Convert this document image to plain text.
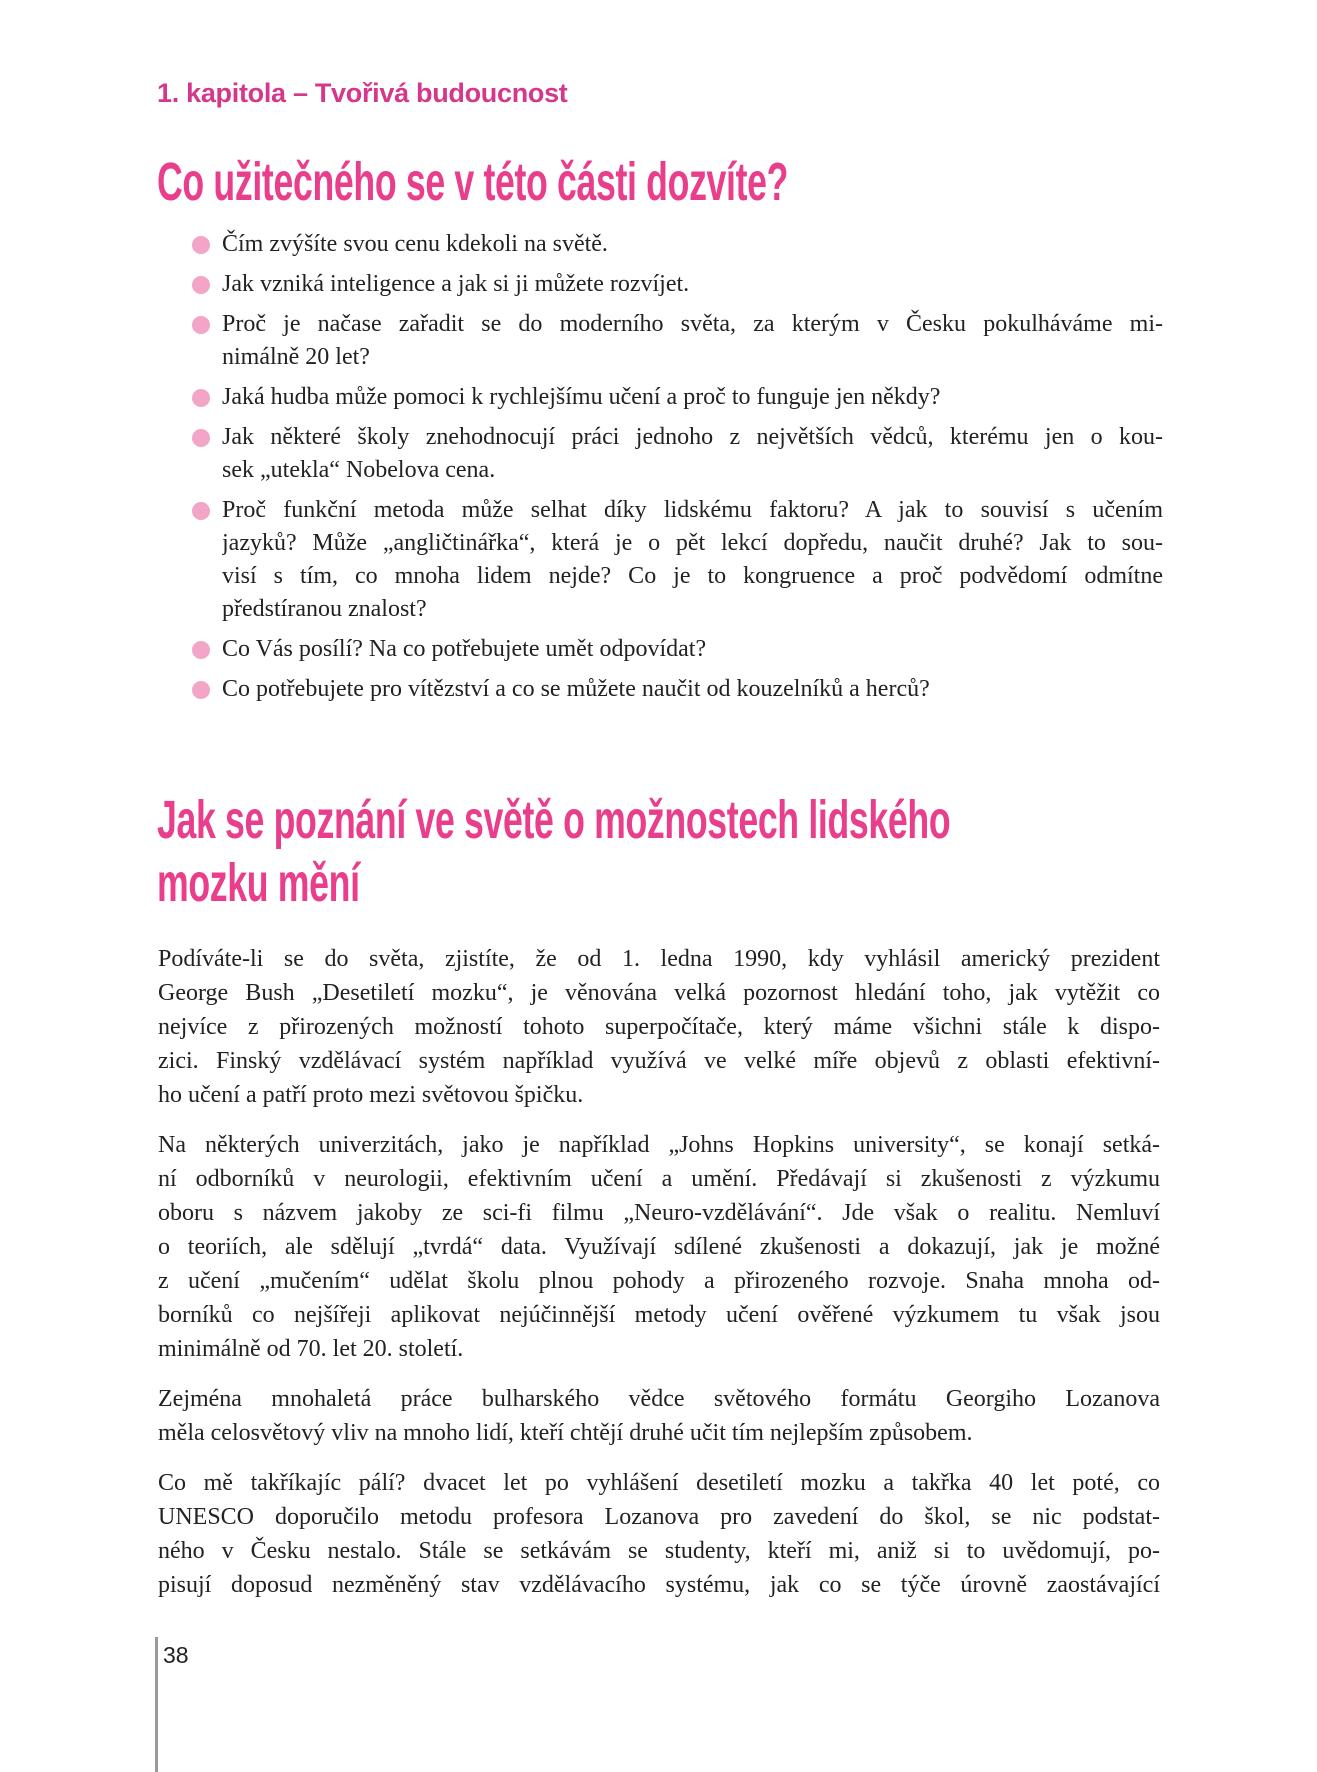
1. kapitola – Tvořivá budoucnost
Co užitečného se v této části dozvíte?
Čím zvýšíte svou cenu kdekoli na světě.
Jak vzniká inteligence a jak si ji můžete rozvíjet.
Proč je načase zařadit se do moderního světa, za kterým v Česku pokulháváme mi-
nimálně 20 let?
Jaká hudba může pomoci k rychlejšímu učení a proč to funguje jen někdy?
Jak některé školy znehodnocují práci jednoho z největších vědců, kterému jen o kou-
sek „utekla“ Nobelova cena.
Proč funkční metoda může selhat díky lidskému faktoru? A jak to souvisí s učením
jazyků? Může „angličtinářka“, která je o pět lekcí dopředu, naučit druhé? Jak to sou-
visí s tím, co mnoha lidem nejde? Co je to kongruence a proč podvědomí odmítne
předstíranou znalost?
Co Vás posílí? Na co potřebujete umět odpovídat?
Co potřebujete pro vítězství a co se můžete naučit od kouzelníků a herců?
Jak se poznání ve světě o možnostech lidského
mozku mění

Podíváte-li se do světa, zjistíte, že od 1. ledna 1990, kdy vyhlásil americký prezident
George Bush „Desetiletí mozku“, je věnována velká pozornost hledání toho, jak vytěžit co
nejvíce z přirozených možností tohoto superpočítače, který máme všichni stále k dispo-
zici. Finský vzdělávací systém například využívá ve velké míře objevů z oblasti efektivní-
ho učení a patří proto mezi světovou špičku.

Na některých univerzitách, jako je například „Johns Hopkins university“, se konají setká-
ní odborníků v neurologii, efektivním učení a umění. Předávají si zkušenosti z výzkumu
oboru s názvem jakoby ze sci-fi filmu „Neuro-vzdělávání“. Jde však o realitu. Nemluví
o teoriích, ale sdělují „tvrdá“ data. Využívají sdílené zkušenosti a dokazují, jak je možné
z učení „mučením“ udělat školu plnou pohody a přirozeného rozvoje. Snaha mnoha od-
borníků co nejšířeji aplikovat nejúčinnější metody učení ověřené výzkumem tu však jsou
minimálně od 70. let 20. století.

Zejména mnohaletá práce bulharského vědce světového formátu Georgiho Lozanova
měla celosvětový vliv na mnoho lidí, kteří chtějí druhé učit tím nejlepším způsobem.

Co mě takříkajíc pálí? dvacet let po vyhlášení desetiletí mozku a takřka 40 let poté, co
UNESCO doporučilo metodu profesora Lozanova pro zavedení do škol, se nic podstat-
ného v Česku nestalo. Stále se setkávám se studenty, kteří mi, aniž si to uvědomují, po-
pisují doposud nezměněný stav vzdělávacího systému, jak co se týče úrovně zaostávající

38
